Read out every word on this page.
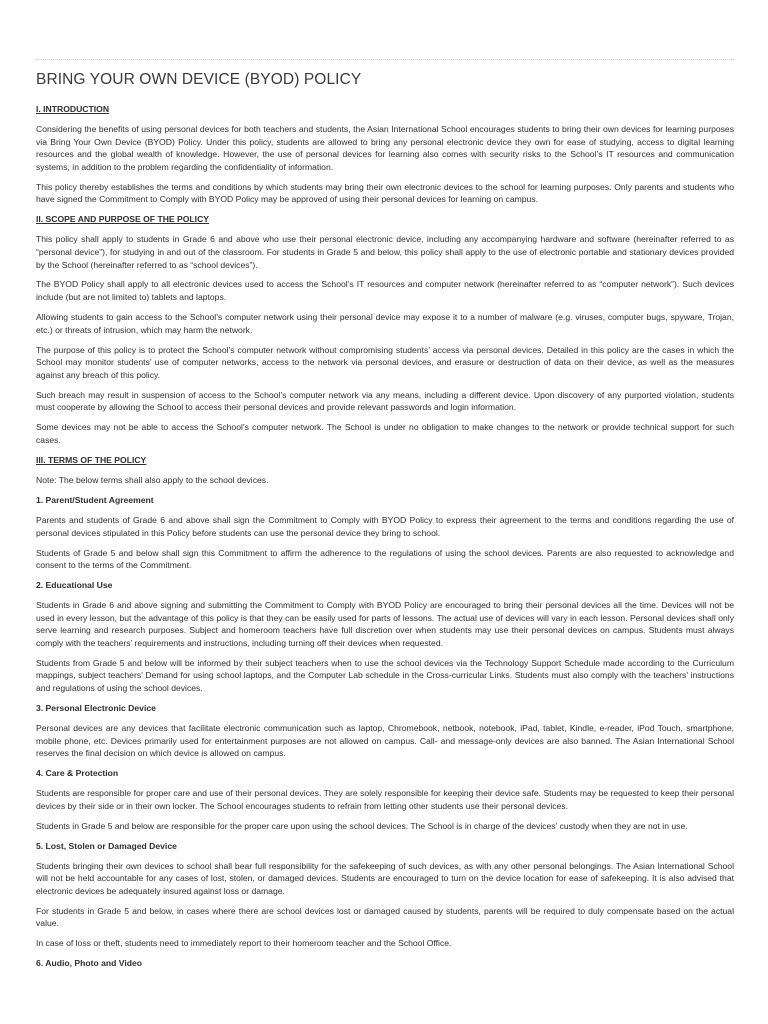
BRING YOUR OWN DEVICE (BYOD) POLICY

I. INTRODUCTION

Considering the benefits of using personal devices for both teachers and students, the Asian International School encourages students to bring their own devices for learning purposes via Bring Your Own Device (BYOD) Policy. Under this policy, students are allowed to bring any personal electronic device they own for ease of studying, access to digital learning resources and the global wealth of knowledge. However, the use of personal devices for learning also comes with security risks to the School’s IT resources and communication systems, in addition to the problem regarding the confidentiality of information.

This policy thereby establishes the terms and conditions by which students may bring their own electronic devices to the school for learning purposes. Only parents and students who have signed the Commitment to Comply with BYOD Policy may be approved of using their personal devices for learning on campus.

II. SCOPE AND PURPOSE OF THE POLICY

This policy shall apply to students in Grade 6 and above who use their personal electronic device, including any accompanying hardware and software (hereinafter referred to as “personal device”), for studying in and out of the classroom. For students in Grade 5 and below, this policy shall apply to the use of electronic portable and stationary devices provided by the School (hereinafter referred to as “school devices”).

The BYOD Policy shall apply to all electronic devices used to access the School’s IT resources and computer network (hereinafter referred to as “computer network”). Such devices include (but are not limited to) tablets and laptops.

Allowing students to gain access to the School’s computer network using their personal device may expose it to a number of malware (e.g. viruses, computer bugs, spyware, Trojan, etc.) or threats of intrusion, which may harm the network.

The purpose of this policy is to protect the School’s computer network without compromising students’ access via personal devices. Detailed in this policy are the cases in which the School may monitor students’ use of computer networks, access to the network via personal devices, and erasure or destruction of data on their device, as well as the measures against any breach of this policy.

Such breach may result in suspension of access to the School’s computer network via any means, including a different device. Upon discovery of any purported violation, students must cooperate by allowing the School to access their personal devices and provide relevant passwords and login information.

Some devices may not be able to access the School’s computer network. The School is under no obligation to make changes to the network or provide technical support for such cases.

III. TERMS OF THE POLICY

Note: The below terms shall also apply to the school devices.

1. Parent/Student Agreement

Parents and students of Grade 6 and above shall sign the Commitment to Comply with BYOD Policy to express their agreement to the terms and conditions regarding the use of personal devices stipulated in this Policy before students can use the personal device they bring to school.

Students of Grade 5 and below shall sign this Commitment to affirm the adherence to the regulations of using the school devices. Parents are also requested to acknowledge and consent to the terms of the Commitment.

2. Educational Use

Students in Grade 6 and above signing and submitting the Commitment to Comply with BYOD Policy are encouraged to bring their personal devices all the time. Devices will not be used in every lesson, but the advantage of this policy is that they can be easily used for parts of lessons. The actual use of devices will vary in each lesson. Personal devices shall only serve learning and research purposes. Subject and homeroom teachers have full discretion over when students may use their personal devices on campus. Students must always comply with the teachers’ requirements and instructions, including turning off their devices when requested.

Students from Grade 5 and below will be informed by their subject teachers when to use the school devices via the Technology Support Schedule made according to the Curriculum mappings, subject teachers’ Demand for using school laptops, and the Computer Lab schedule in the Cross-curricular Links. Students must also comply with the teachers’ instructions and regulations of using the school devices.

3. Personal Electronic Device

Personal devices are any devices that facilitate electronic communication such as laptop, Chromebook, netbook, notebook, iPad, tablet, Kindle, e-reader, iPod Touch, smartphone, mobile phone, etc. Devices primarily used for entertainment purposes are not allowed on campus. Call- and message-only devices are also banned. The Asian International School reserves the final decision on which device is allowed on campus.

4. Care & Protection

Students are responsible for proper care and use of their personal devices. They are solely responsible for keeping their device safe. Students may be requested to keep their personal devices by their side or in their own locker. The School encourages students to refrain from letting other students use their personal devices.

Students in Grade 5 and below are responsible for the proper care upon using the school devices. The School is in charge of the devices’ custody when they are not in use.

5. Lost, Stolen or Damaged Device

Students bringing their own devices to school shall bear full responsibility for the safekeeping of such devices, as with any other personal belongings. The Asian International School will not be held accountable for any cases of lost, stolen, or damaged devices. Students are encouraged to turn on the device location for ease of safekeeping. It is also advised that electronic devices be adequately insured against loss or damage.

For students in Grade 5 and below, in cases where there are school devices lost or damaged caused by students, parents will be required to duly compensate based on the actual value.

In case of loss or theft, students need to immediately report to their homeroom teacher and the School Office.

6. Audio, Photo and Video
